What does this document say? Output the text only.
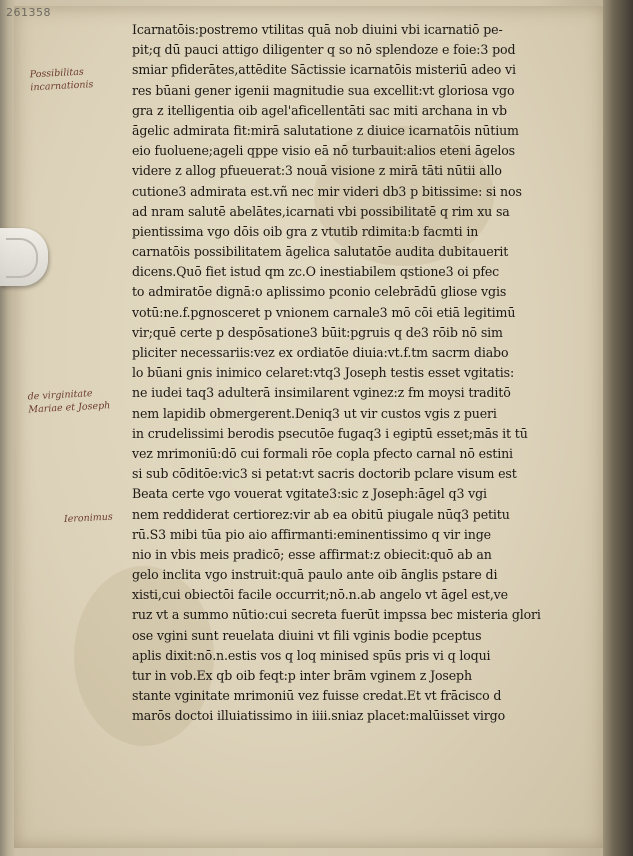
261358
Possibilitas incarnationis
de virginitate Mariae et Joseph
Ieronimus
Icarnatōis:postremo vtilitas quā nob diuini vbi icarnatiō pe-
pit;q dū pauci attigo diligenter q so nō splendoze e foie:3 pod
smiar pfiderātes,attēdite Sāctissie icarnatōis misteriū adeo vi
res būani gener igenii magnitudie sua excellit:vt gloriosa vgo
gra z itelligentia oib agel'aficellentāti sac miti archana in vb
āgelic admirata fit:mirā salutatione z diuice icarnatōis nūtium
eio fuoluene;ageli qppe visio eā nō turbauit:alios eteni āgelos
videre z allog pfueuerat:3 nouā visione z mirā tāti nūtii allo
cutione3 admirata est.vñ nec mir videri db3 p bitissime: si nos
ad nram salutē abelātes,icarnati vbi possibilitatē q rim xu sa
pientissima vgo dōis oib gra z vtutib rdimita:b facmti in
carnatōis possibilitatem āgelica salutatōe audita dubitauerit
dicens.Quō fiet istud qm zc.O inestiabilem qstione3 oi pfec
to admiratōe dignā:o aplissimo pconio celebrādū gliose vgis
votū:ne.f.pgnosceret p vnionem carnale3 mō cōi etiā legitimū
vir;quē certe p despōsatione3 būit:pgruis q de3 rōib nō sim
pliciter necessariis:vez ex ordiatōe diuia:vt.f.tm sacrm diabo
lo būani gnis inimico celaret:vtq3 Joseph testis esset vgitatis:
ne iudei taq3 adulterā insimilarent vginez:z fm moysi traditō
nem lapidib obmergerent.Deniq3 ut vir custos vgis z pueri
in crudelissimi berodis psecutōe fugaq3 i egiptū esset;mās it tū
vez mrimoniū:dō cui formali rōe copla pfecto carnal nō estini
si sub cōditōe:vic3 si petat:vt sacris doctorib pclare visum est
Beata certe vgo vouerat vgitate3:sic z Joseph:āgel q3 vgi
nem reddiderat certiorez:vir ab ea obitū piugale nūq3 petitu
rū.S3 mibi tūa pio aio affirmanti:eminentissimo q vir inge
nio in vbis meis pradicō; esse affirmat:z obiecit:quō ab an
gelo inclita vgo instruit:quā paulo ante oib ānglis pstare di
xisti,cui obiectōi facile occurrit;nō.n.ab angelo vt āgel est,ve
ruz vt a summo nūtio:cui secreta fuerūt impssa bec misteria glori
ose vgini sunt reuelata diuini vt fili vginis bodie pceptus
aplis dixit:nō.n.estis vos q loq minised spūs pris vi q loqui
tur in vob.Ex qb oib feqt:p inter brām vginem z Joseph
stante vginitate mrimoniū vez fuisse credat.Et vt frācisco d
marōs doctoi illuiatissimo in iiii.sniaz placet:malūisset virgo
